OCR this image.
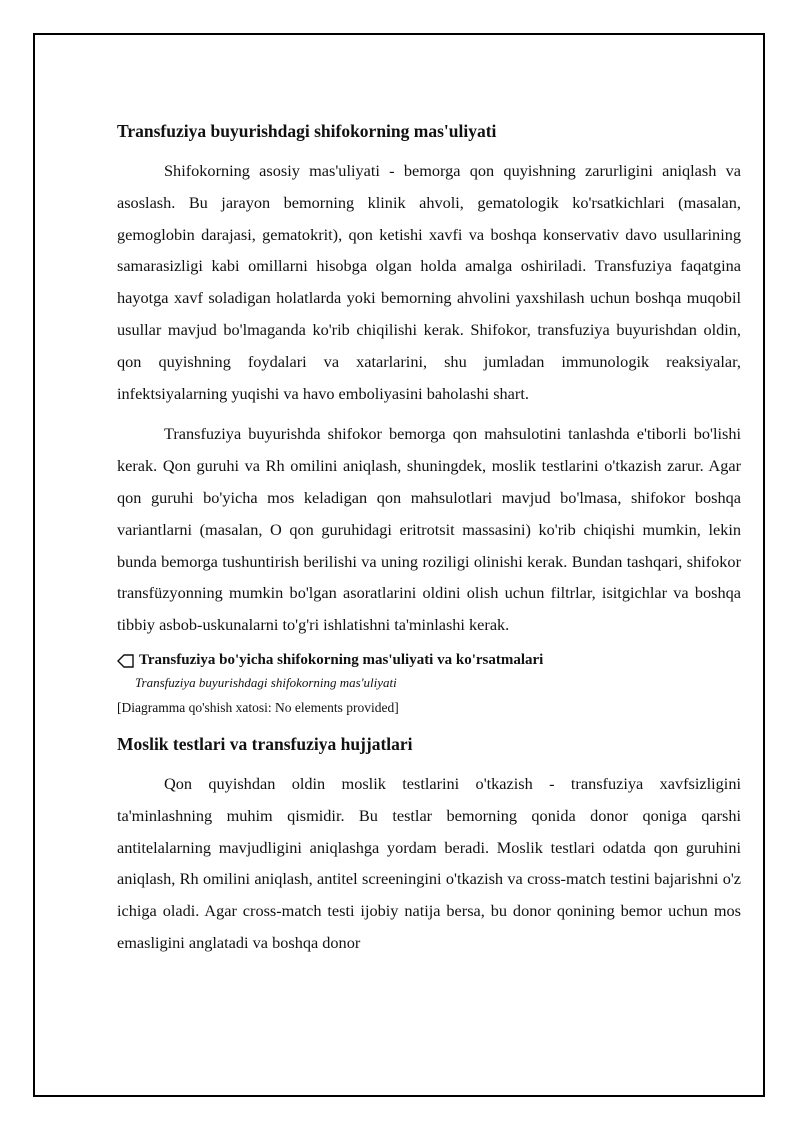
Transfuziya buyurishdagi shifokorning mas'uliyati

Shifokorning asosiy mas'uliyati - bemorga qon quyishning zarurligini aniqlash va asoslash. Bu jarayon bemorning klinik ahvoli, gematologik ko'rsatkichlari (masalan, gemoglobin darajasi, gematokrit), qon ketishi xavfi va boshqa konservativ davo usullarining samarasizligi kabi omillarni hisobga olgan holda amalga oshiriladi. Transfuziya faqatgina hayotga xavf soladigan holatlarda yoki bemorning ahvolini yaxshilash uchun boshqa muqobil usullar mavjud bo'lmaganda ko'rib chiqilishi kerak. Shifokor, transfuziya buyurishdan oldin, qon quyishning foydalari va xatarlarini, shu jumladan immunologik reaksiyalar, infektsiyalarning yuqishi va havo emboliyasini baholashi shart.

Transfuziya buyurishda shifokor bemorga qon mahsulotini tanlashda e'tiborli bo'lishi kerak. Qon guruhi va Rh omilini aniqlash, shuningdek, moslik testlarini o'tkazish zarur. Agar qon guruhi bo'yicha mos keladigan qon mahsulotlari mavjud bo'lmasa, shifokor boshqa variantlarni (masalan, O qon guruhidagi eritrotsit massasini) ko'rib chiqishi mumkin, lekin bunda bemorga tushuntirish berilishi va uning roziligi olinishi kerak. Bundan tashqari, shifokor transfüzyonning mumkin bo'lgan asoratlarini oldini olish uchun filtrlar, isitgichlar va boshqa tibbiy asbob-uskunalarni to'g'ri ishlatishni ta'minlashi kerak.

Transfuziya bo'yicha shifokorning mas'uliyati va ko'rsatmalari
Transfuziya buyurishdagi shifokorning mas'uliyati
[Diagramma qo'shish xatosi: No elements provided]
Moslik testlari va transfuziya hujjatlari

Qon quyishdan oldin moslik testlarini o'tkazish - transfuziya xavfsizligini ta'minlashning muhim qismidir. Bu testlar bemorning qonida donor qoniga qarshi antitelalarning mavjudligini aniqlashga yordam beradi. Moslik testlari odatda qon guruhini aniqlash, Rh omilini aniqlash, antitel screeningini o'tkazish va cross-match testini bajarishni o'z ichiga oladi. Agar cross-match testi ijobiy natija bersa, bu donor qonining bemor uchun mos emasligini anglatadi va boshqa donor
